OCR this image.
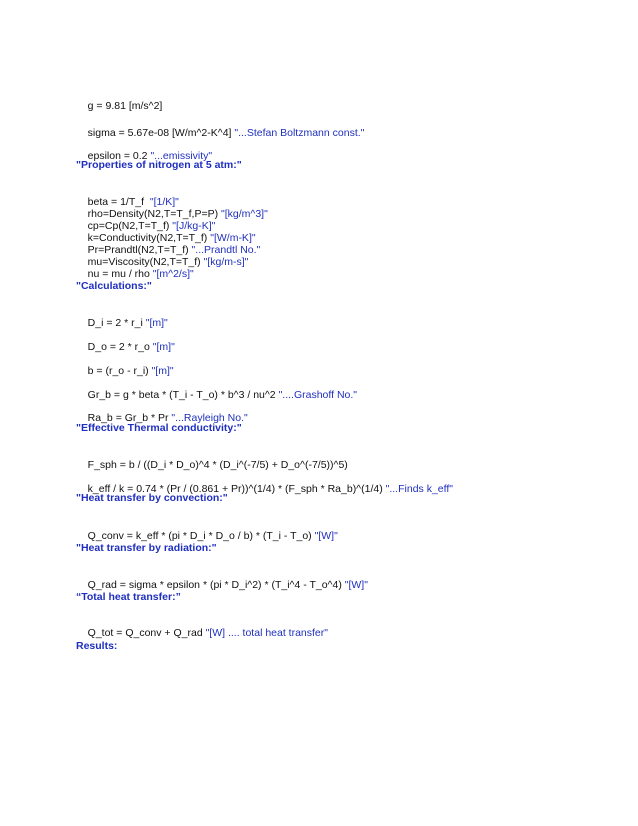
g = 9.81 [m/s^2]

sigma = 5.67e-08 [W/m^2-K^4] "...Stefan Boltzmann const."

epsilon = 0.2 "...emissivity"

"Properties of nitrogen at 5 atm:"

beta = 1/T_f  "[1/K]"

rho=Density(N2,T=T_f,P=P) "[kg/m^3]"

cp=Cp(N2,T=T_f) "[J/kg-K]"

k=Conductivity(N2,T=T_f) "[W/m-K]"

Pr=Prandtl(N2,T=T_f) "...Prandtl No."

mu=Viscosity(N2,T=T_f) "[kg/m-s]"

nu = mu / rho "[m^2/s]"

"Calculations:"

D_i = 2 * r_i "[m]"

D_o = 2 * r_o "[m]"

b = (r_o - r_i) "[m]"

Gr_b = g * beta * (T_i - T_o) * b^3 / nu^2 "....Grashoff No."

Ra_b = Gr_b * Pr "...Rayleigh No."

"Effective Thermal conductivity:"

F_sph = b / ((D_i * D_o)^4 * (D_i^(-7/5) + D_o^(-7/5))^5)

k_eff / k = 0.74 * (Pr / (0.861 + Pr))^(1/4) * (F_sph * Ra_b)^(1/4) "...Finds k_eff"

"Heat transfer by convection:"

Q_conv = k_eff * (pi * D_i * D_o / b) * (T_i - T_o) "[W]"

"Heat transfer by radiation:"

Q_rad = sigma * epsilon * (pi * D_i^2) * (T_i^4 - T_o^4) "[W]"

“Total heat transfer:”

Q_tot = Q_conv + Q_rad "[W] .... total heat transfer"

Results:
